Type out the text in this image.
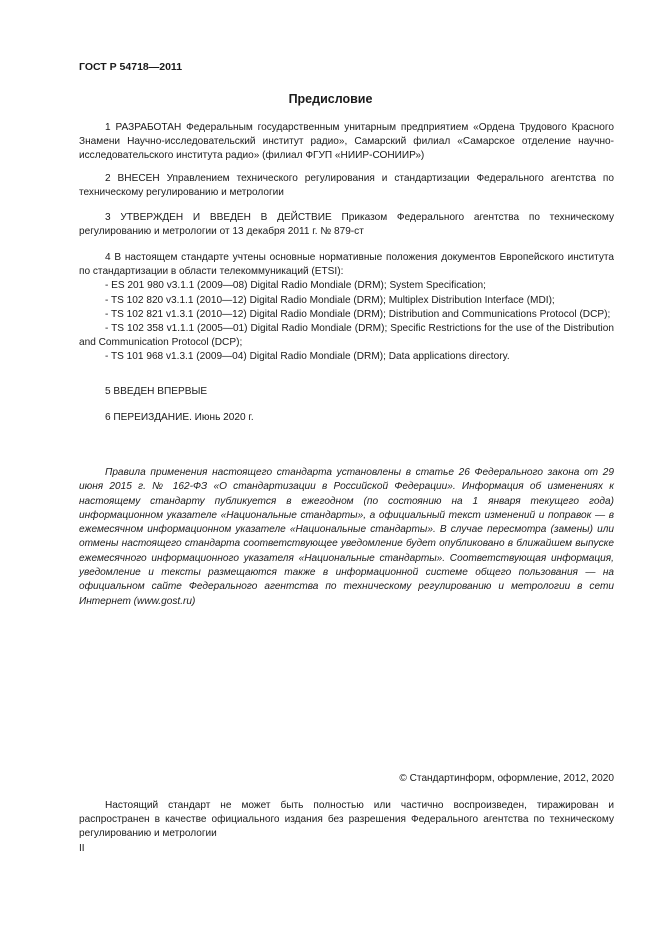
ГОСТ Р 54718—2011
Предисловие
1 РАЗРАБОТАН Федеральным государственным унитарным предприятием «Ордена Трудового Красного Знамени Научно-исследовательский институт радио», Самарский филиал «Самарское отделение научно-исследовательского института радио» (филиал ФГУП «НИИР-СОНИИР»)
2 ВНЕСЕН Управлением технического регулирования и стандартизации Федерального агентства по техническому регулированию и метрологии
3 УТВЕРЖДЕН И ВВЕДЕН В ДЕЙСТВИЕ Приказом Федерального агентства по техническому регулированию и метрологии от 13 декабря 2011 г. № 879-ст

4 В настоящем стандарте учтены основные нормативные положения документов Европейского института по стандартизации в области телекоммуникаций (ETSI):

- ES 201 980 v3.1.1 (2009—08) Digital Radio Mondiale (DRM); System Specification;

- TS 102 820 v3.1.1 (2010—12) Digital Radio Mondiale (DRM); Multiplex Distribution Interface (MDI);

- TS 102 821 v1.3.1 (2010—12) Digital Radio Mondiale (DRM); Distribution and Communications Protocol (DCP);

- TS 102 358 v1.1.1 (2005—01) Digital Radio Mondiale (DRM); Specific Restrictions for the use of the Distribution and Communication Protocol (DCP);

- TS 101 968 v1.3.1 (2009—04) Digital Radio Mondiale (DRM); Data applications directory.

5 ВВЕДЕН ВПЕРВЫЕ
6 ПЕРЕИЗДАНИЕ. Июнь 2020 г.
Правила применения настоящего стандарта установлены в статье 26 Федерального закона от 29 июня 2015 г. № 162-ФЗ «О стандартизации в Российской Федерации». Информация об изменениях к настоящему стандарту публикуется в ежегодном (по состоянию на 1 января текущего года) информационном указателе «Национальные стандарты», а официальный текст изменений и поправок — в ежемесячном информационном указателе «Национальные стандарты». В случае пересмотра (замены) или отмены настоящего стандарта соответствующее уведомление будет опубликовано в ближайшем выпуске ежемесячного информационного указателя «Национальные стандарты». Соответствующая информация, уведомление и тексты размещаются также в информационной системе общего пользования — на официальном сайте Федерального агентства по техническому регулированию и метрологии в сети Интернет (www.gost.ru)
© Стандартинформ, оформление, 2012, 2020
Настоящий стандарт не может быть полностью или частично воспроизведен, тиражирован и распространен в качестве официального издания без разрешения Федерального агентства по техническому регулированию и метрологии
II
